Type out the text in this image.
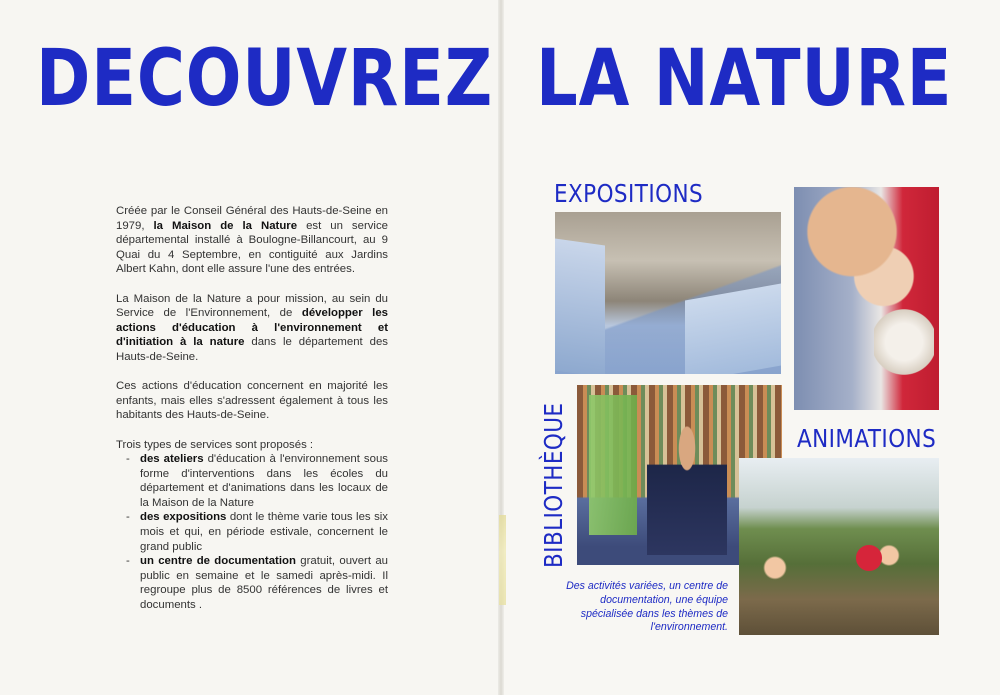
DECOUVREZ LA NATURE

Créée par le Conseil Général des Hauts-de-Seine en 1979, la Maison de la Nature est un service départemental installé à Boulogne-Billancourt, au 9 Quai du 4 Septembre, en contiguité aux Jardins Albert Kahn, dont elle assure l'une des entrées.

La Maison de la Nature a pour mission, au sein du Service de l'Environnement, de développer les actions d'éducation à l'environnement et d'initiation à la nature dans le département des Hauts-de-Seine.

Ces actions d'éducation concernent en majorité les enfants, mais elles s'adressent également à tous les habitants des Hauts-de-Seine.

Trois types de services sont proposés :

- des ateliers d'éducation à l'environnement sous forme d'interventions dans les écoles du département et d'animations dans les locaux de la Maison de la Nature
- des expositions dont le thème varie tous les six mois et qui, en période estivale, concernent le grand public
- un centre de documentation gratuit, ouvert au public en semaine et le samedi après-midi. Il regroupe plus de 8500 références de livres et documents .
EXPOSITIONS
BIBLIOTHÈQUE	ANIMATIONS

Des activités variées, un centre de documentation, une équipe spécialisée dans les thèmes de l'environnement.
